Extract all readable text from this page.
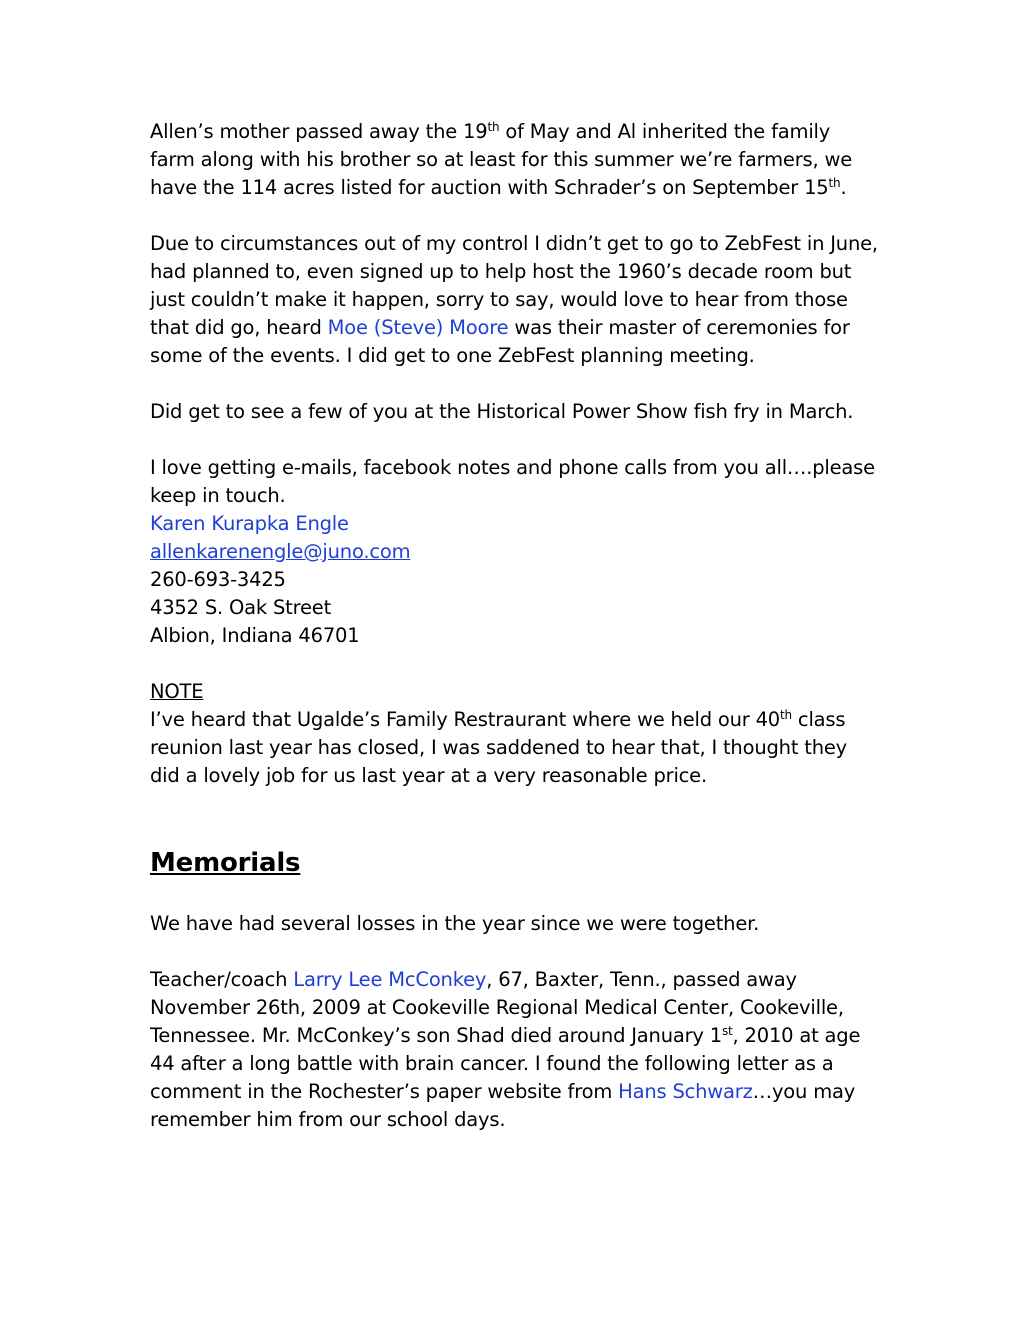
Allen’s mother passed away the 19th of May and Al inherited the family farm along with his brother so at least for this summer we’re farmers, we have the 114 acres listed for auction with Schrader’s on September 15th.

Due to circumstances out of my control I didn’t get to go to ZebFest in June, had planned to, even signed up to help host the 1960’s decade room but just couldn’t make it happen, sorry to say, would love to hear from those that did go, heard Moe (Steve) Moore was their master of ceremonies for some of the events. I did get to one ZebFest planning meeting.

Did get to see a few of you at the Historical Power Show fish fry in March.

I love getting e-mails, facebook notes and phone calls from you all….please keep in touch.

Karen Kurapka Engle
allenkarenengle@juno.com
260-693-3425
4352 S. Oak Street
Albion, Indiana 46701
NOTE

I’ve heard that Ugalde’s Family Restraurant where we held our 40th class reunion last year has closed, I was saddened to hear that, I thought they did a lovely job for us last year at a very reasonable price.

Memorials

We have had several losses in the year since we were together.

Teacher/coach Larry Lee McConkey, 67, Baxter, Tenn., passed away November 26th, 2009 at Cookeville Regional Medical Center, Cookeville, Tennessee. Mr. McConkey’s son Shad died around January 1st, 2010 at age 44 after a long battle with brain cancer. I found the following letter as a comment in the Rochester’s paper website from Hans Schwarz…you may remember him from our school days.
